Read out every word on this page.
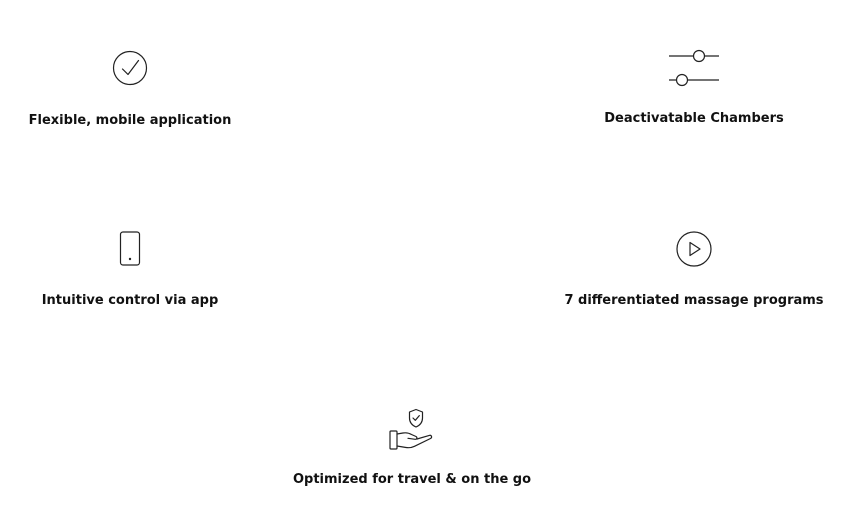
Flexible, mobile application	Deactivatable Chambers
Intuitive control via app	7 differentiated massage programs
Optimized for travel & on the go
